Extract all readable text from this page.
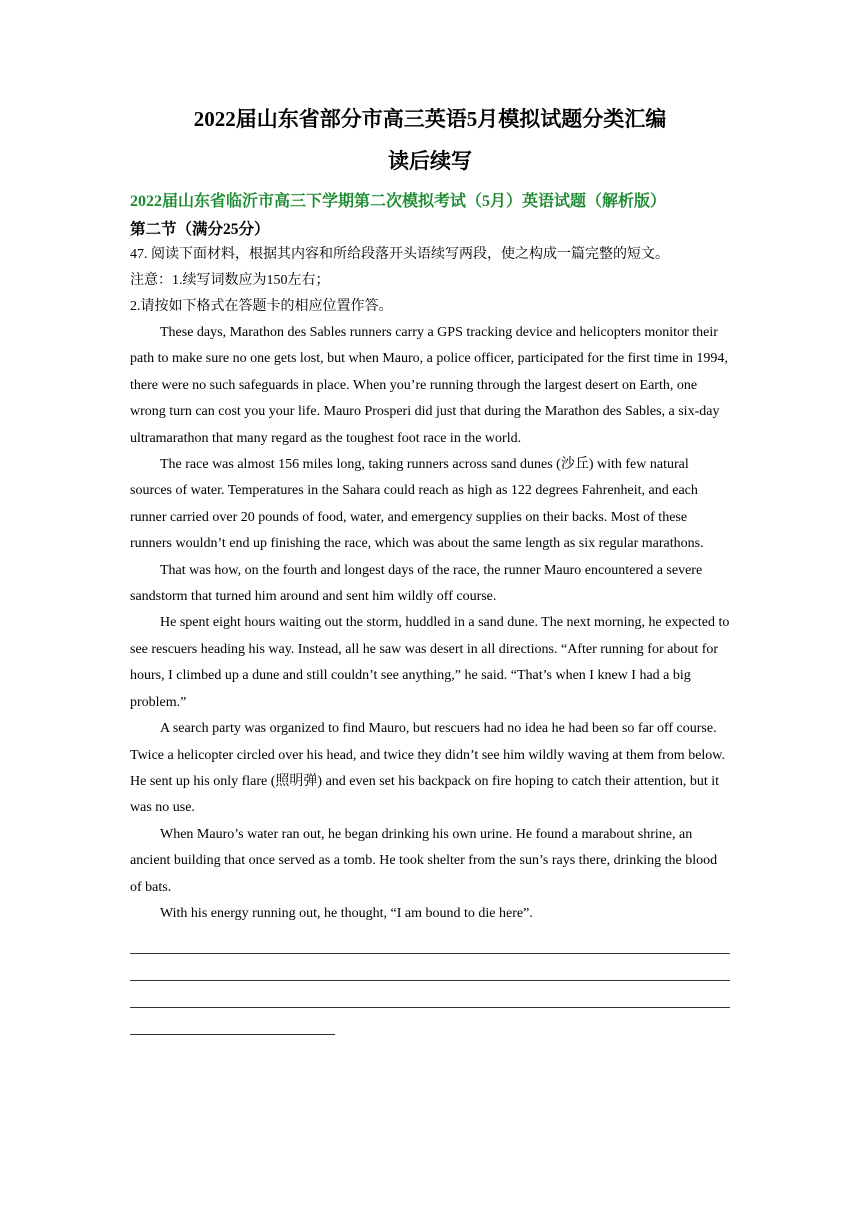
2022届山东省部分市高三英语5月模拟试题分类汇编
读后续写

2022届山东省临沂市高三下学期第二次模拟考试（5月）英语试题（解析版）

第二节（满分25分）

47. 阅读下面材料，根据其内容和所给段落开头语续写两段，使之构成一篇完整的短文。

注意：1.续写词数应为150左右；

2.请按如下格式在答题卡的相应位置作答。

These days, Marathon des Sables runners carry a GPS tracking device and helicopters monitor their path to make sure no one gets lost, but when Mauro, a police officer, participated for the first time in 1994, there were no such safeguards in place. When you’re running through the largest desert on Earth, one wrong turn can cost you your life. Mauro Prosperi did just that during the Marathon des Sables, a six-day ultramarathon that many regard as the toughest foot race in the world.

The race was almost 156 miles long, taking runners across sand dunes (沙丘) with few natural sources of water. Temperatures in the Sahara could reach as high as 122 degrees Fahrenheit, and each runner carried over 20 pounds of food, water, and emergency supplies on their backs. Most of these runners wouldn’t end up finishing the race, which was about the same length as six regular marathons.

That was how, on the fourth and longest days of the race, the runner Mauro encountered a severe sandstorm that turned him around and sent him wildly off course.

He spent eight hours waiting out the storm, huddled in a sand dune. The next morning, he expected to see rescuers heading his way. Instead, all he saw was desert in all directions. “After running for about for hours, I climbed up a dune and still couldn’t see anything,” he said. “That’s when I knew I had a big problem.”

A search party was organized to find Mauro, but rescuers had no idea he had been so far off course. Twice a helicopter circled over his head, and twice they didn’t see him wildly waving at them from below. He sent up his only flare (照明弹) and even set his backpack on fire hoping to catch their attention, but it was no use.

When Mauro’s water ran out, he began drinking his own urine. He found a marabout shrine, an ancient building that once served as a tomb. He took shelter from the sun’s rays there, drinking the blood of bats.

With his energy running out, he thought, “I am bound to die here”.
